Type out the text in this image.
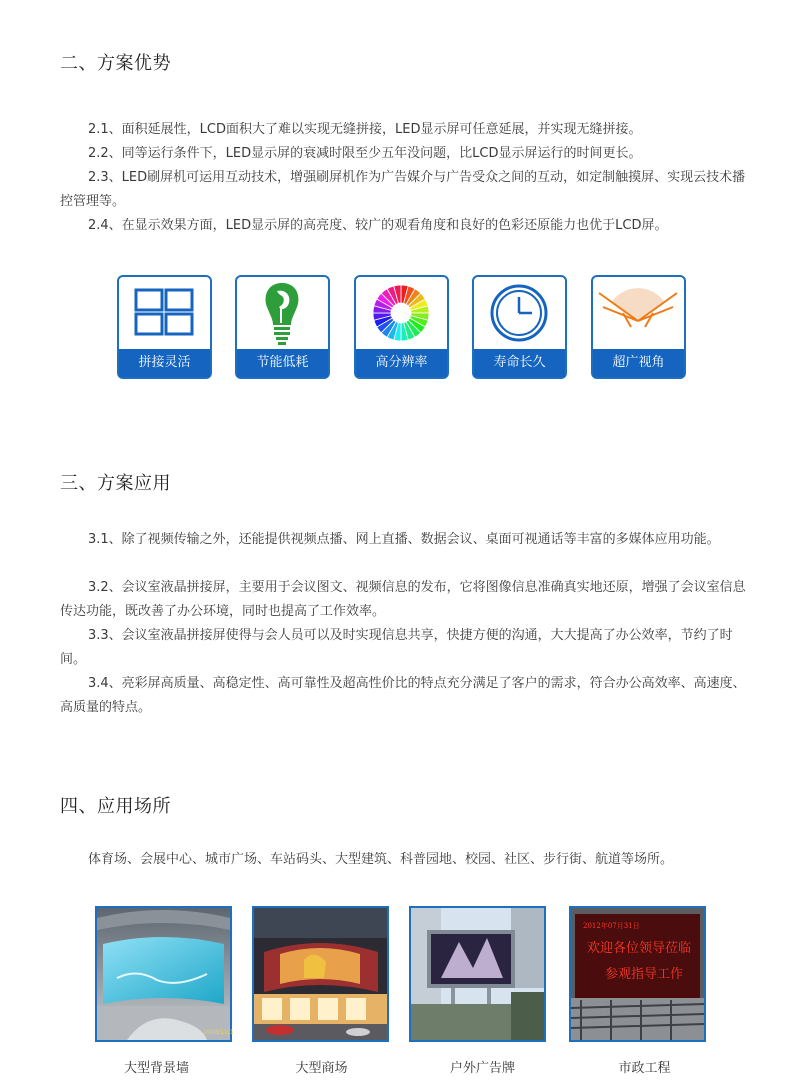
二、方案优势

2.1、面积延展性，LCD面积大了难以实现无缝拼接，LED显示屏可任意延展，并实现无缝拼接。

2.2、同等运行条件下，LED显示屏的衰减时限至少五年没问题，比LCD显示屏运行的时间更长。

2.3、LED刷屏机可运用互动技术，增强刷屏机作为广告媒介与广告受众之间的互动，如定制触摸屏、实现云技术播控管理等。

2.4、在显示效果方面，LED显示屏的高亮度、较广的观看角度和良好的色彩还原能力也优于LCD屏。

拼接灵活	节能低耗	高分辨率	寿命长久	超广视角
三、方案应用

3.1、除了视频传输之外，还能提供视频点播、网上直播、数据会议、桌面可视通话等丰富的多媒体应用功能。

3.2、会议室液晶拼接屏，主要用于会议图文、视频信息的发布，它将图像信息准确真实地还原，增强了会议室信息传达功能，既改善了办公环境，同时也提高了工作效率。

3.3、会议室液晶拼接屏使得与会人员可以及时实现信息共享，快捷方便的沟通，大大提高了办公效率，节约了时间。

3.4、亮彩屏高质量、高稳定性、高可靠性及超高性价比的特点充分满足了客户的需求，符合办公高效率、高速度、高质量的特点。

四、应用场所

体育场、会展中心、城市广场、车站码头、大型建筑、科普园地、校园、社区、步行街、航道等场所。

2008/11/1
2012年07月31日
欢迎各位领导莅临
参观指导工作
大型背景墙	大型商场	户外广告牌	市政工程
